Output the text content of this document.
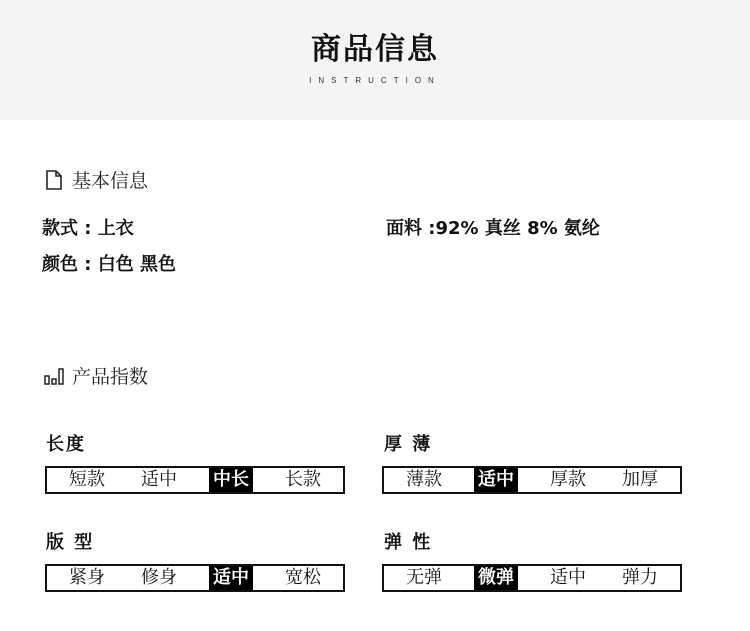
商品信息
INSTRUCTION
基本信息
款式 : 上衣	面料 :92% 真丝 8% 氨纶
颜色 : 白色 黑色
产品指数
长度
短款 适中 中长 长款
厚 薄
薄款 适中 厚款 加厚
版 型
紧身 修身 适中 宽松
弹 性
无弹 微弹 适中 弹力
